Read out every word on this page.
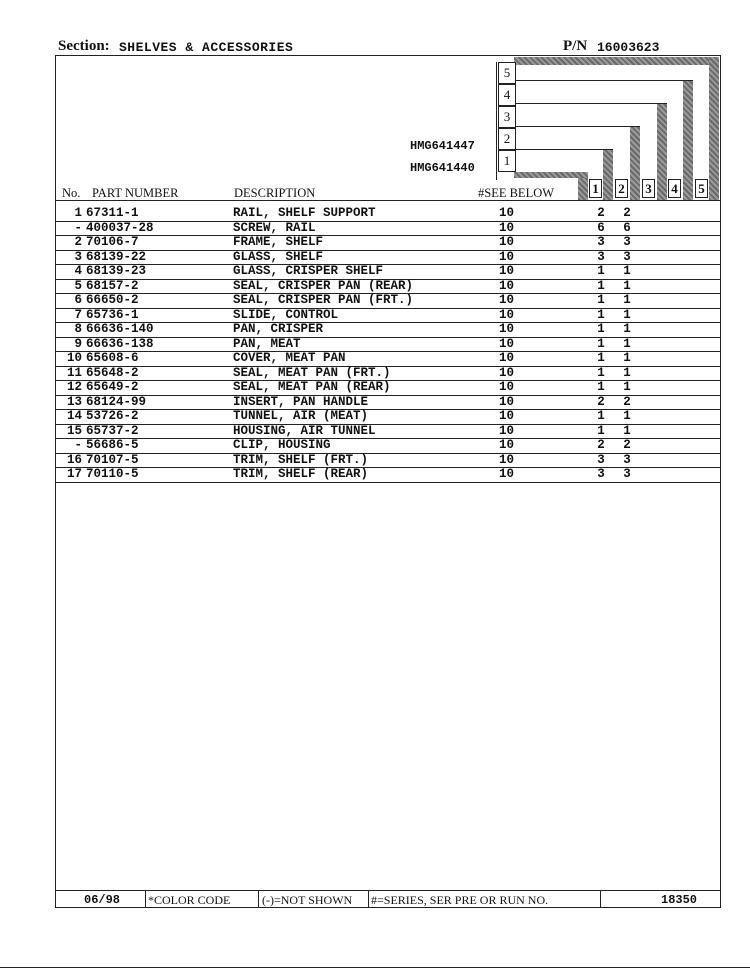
Section: SHELVES & ACCESSORIES	P/N 16003623
5
4
3
2
1
HMG641447
HMG641440
1 2 3 4 5
No. PART NUMBER	DESCRIPTION	#SEE BELOW
1 67311-1	RAIL, SHELF SUPPORT	10	2 2
- 400037-28	SCREW, RAIL	10	6 6
2 70106-7	FRAME, SHELF	10	3 3
3 68139-22	GLASS, SHELF	10	3 3
4 68139-23	GLASS, CRISPER SHELF	10	1 1
5 68157-2	SEAL, CRISPER PAN (REAR)	10	1 1
6 66650-2	SEAL, CRISPER PAN (FRT.)	10	1 1
7 65736-1	SLIDE, CONTROL	10	1 1
8 66636-140	PAN, CRISPER	10	1 1
9 66636-138	PAN, MEAT	10	1 1
10 65608-6	COVER, MEAT PAN	10	1 1
11 65648-2	SEAL, MEAT PAN (FRT.)	10	1 1
12 65649-2	SEAL, MEAT PAN (REAR)	10	1 1
13 68124-99	INSERT, PAN HANDLE	10	2 2
14 53726-2	TUNNEL, AIR (MEAT)	10	1 1
15 65737-2	HOUSING, AIR TUNNEL	10	1 1
- 56686-5	CLIP, HOUSING	10	2 2
16 70107-5	TRIM, SHELF (FRT.)	10	3 3
17 70110-5	TRIM, SHELF (REAR)	10	3 3
06/98 *COLOR CODE	(-)=NOT SHOWN #=SERIES, SER PRE OR RUN NO.	18350
